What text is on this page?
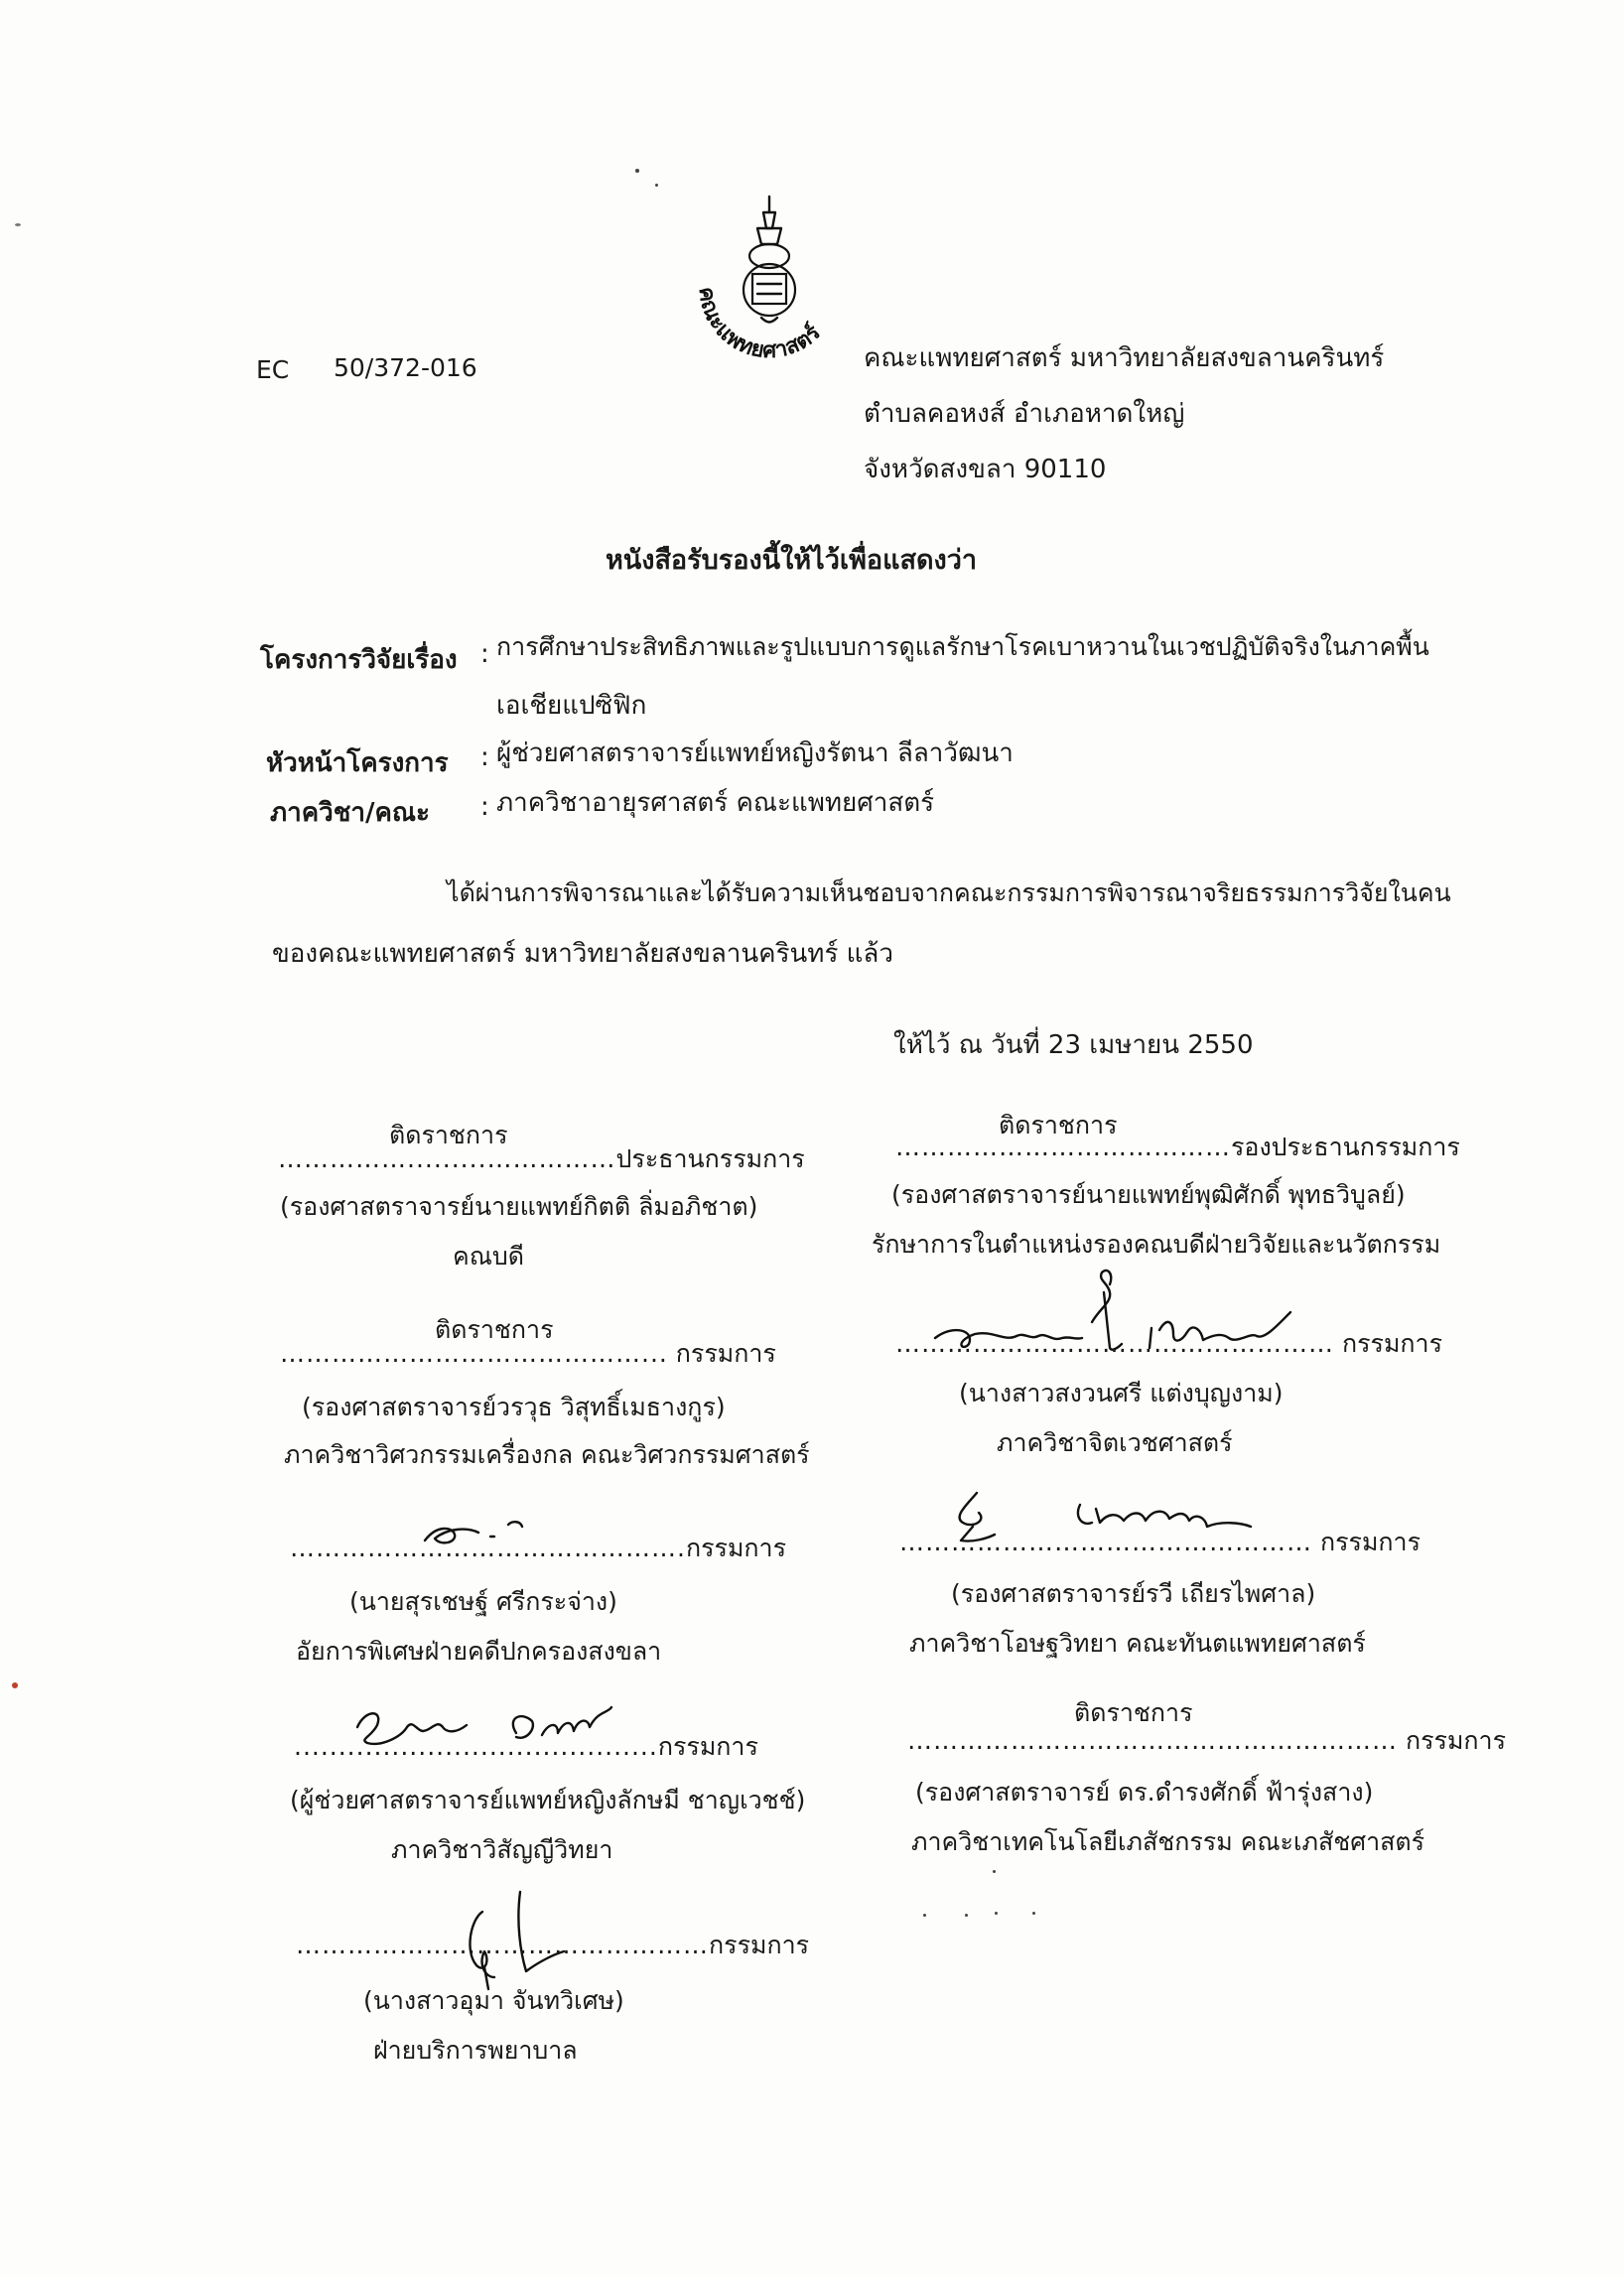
คณะแพทยศาสตร์
EC 50/372-016	คณะแพทยศาสตร์ มหาวิทยาลัยสงขลานครินทร์
ตำบลคอหงส์ อำเภอหาดใหญ่
จังหวัดสงขลา 90110
หนังสือรับรองนี้ให้ไว้เพื่อแสดงว่า
โครงการวิจัยเรื่อง : การศึกษาประสิทธิภาพและรูปแบบการดูแลรักษาโรคเบาหวานในเวชปฏิบัติจริงในภาคพื้น
เอเชียแปซิฟิก
หัวหน้าโครงการ : ผู้ช่วยศาสตราจารย์แพทย์หญิงรัตนา ลีลาวัฒนา
ภาควิชา/คณะ : ภาควิชาอายุรศาสตร์ คณะแพทยศาสตร์
ได้ผ่านการพิจารณาและได้รับความเห็นชอบจากคณะกรรมการพิจารณาจริยธรรมการวิจัยในคน
ของคณะแพทยศาสตร์ มหาวิทยาลัยสงขลานครินทร์ แล้ว
ให้ไว้ ณ วันที่ 23 เมษายน 2550
ติดราชการ
…………….........……………ประธานกรรมการ
(รองศาสตราจารย์นายแพทย์กิตติ ลิ่มอภิชาต)
คณบดี
ติดราชการ
……………………………………... กรรมการ
(รองศาสตราจารย์วรวุธ วิสุทธิ์เมธางกูร)
ภาควิชาวิศวกรรมเครื่องกล คณะวิศวกรรมศาสตร์
……………………………………….กรรมการ
(นายสุรเชษฐ์ ศรีกระจ่าง)
อัยการพิเศษฝ่ายคดีปกครองสงขลา
.........................................กรรมการ
(ผู้ช่วยศาสตราจารย์แพทย์หญิงลักษมี ชาญเวชช์)
ภาควิชาวิสัญญีวิทยา
…………………………………………กรรมการ
(นางสาวอุมา จันทวิเศษ)
ฝ่ายบริการพยาบาล
ติดราชการ
…………………………………รองประธานกรรมการ
(รองศาสตราจารย์นายแพทย์พุฒิศักดิ์ พุทธวิบูลย์)
รักษาการในตำแหน่งรองคณบดีฝ่ายวิจัยและนวัตกรรม
…………………………………………… กรรมการ
(นางสาวสงวนศรี แต่งบุญงาม)
ภาควิชาจิตเวชศาสตร์
………………………………………… กรรมการ
(รองศาสตราจารย์รวี เถียรไพศาล)
ภาควิชาโอษฐวิทยา คณะทันตแพทยศาสตร์
ติดราชการ
………………………………………………… กรรมการ
(รองศาสตราจารย์ ดร.ดำรงศักดิ์ ฟ้ารุ่งสาง)
ภาควิชาเทคโนโลยีเภสัชกรรม คณะเภสัชศาสตร์
